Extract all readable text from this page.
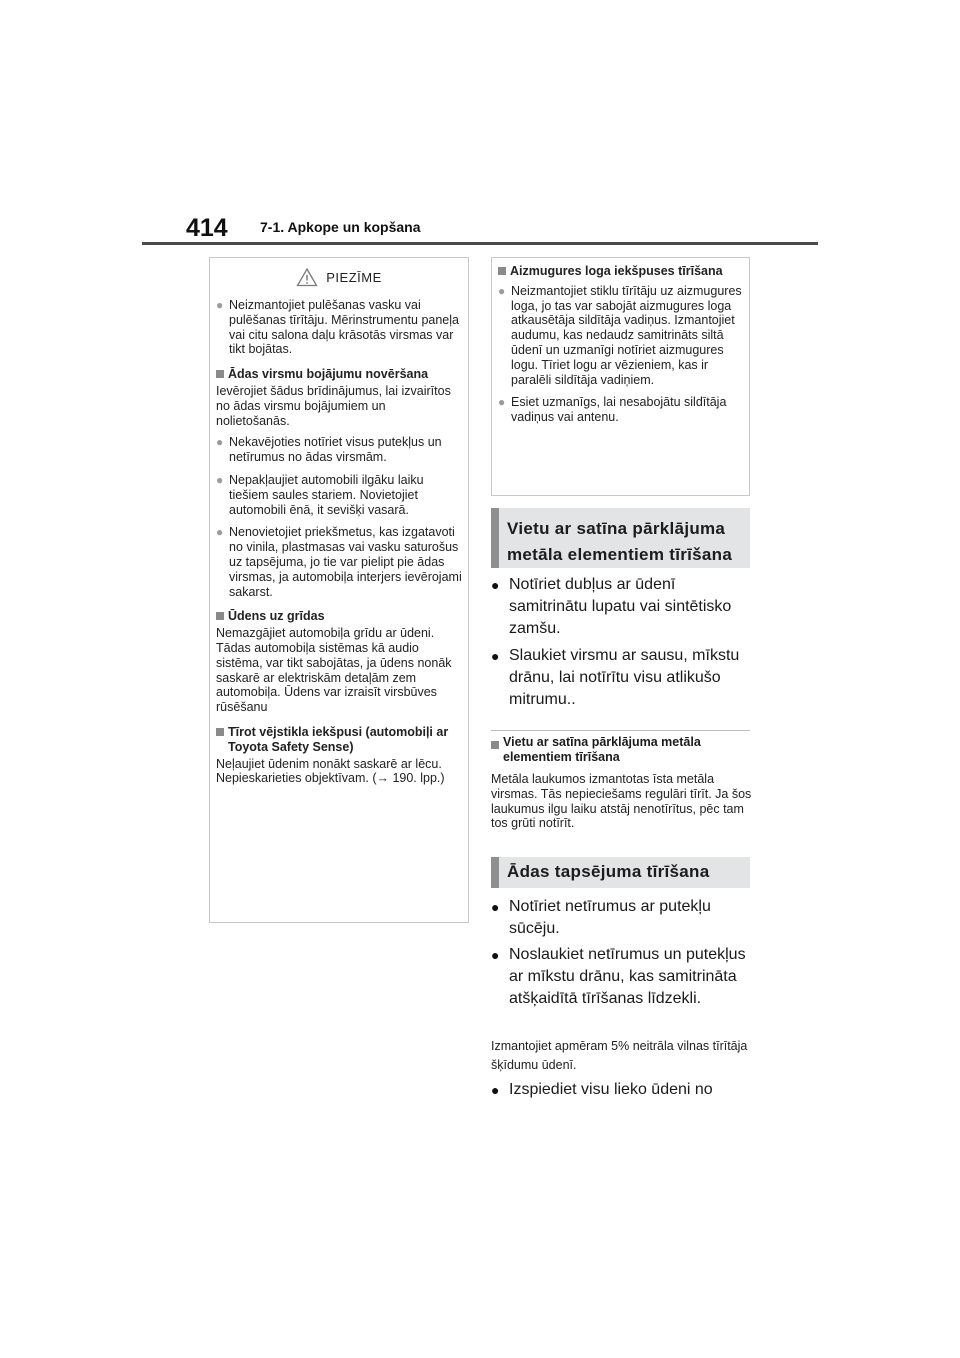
414 7-1. Apkope un kopšana
PIEZĪME
● Neizmantojiet pulēšanas vasku vai pulēšanas tīrītāju. Mērinstrumentu paneļa vai citu salona daļu krāsotās virsmas var tikt bojātas.
Ādas virsmu bojājumu novēršana
Ievērojiet šādus brīdinājumus, lai izvairītos no ādas virsmu bojājumiem un nolietošanās.
● Nekavējoties notīriet visus putekļus un netīrumus no ādas virsmām.
● Nepakļaujiet automobili ilgāku laiku tiešiem saules stariem. Novietojiet automobili ēnā, it sevišķi vasarā.
● Nenovietojiet priekšmetus, kas izgatavoti no vinila, plastmasas vai vasku saturošus uz tapsējuma, jo tie var pielipt pie ādas virsmas, ja automobiļa interjers ievērojami sakarst.
Ūdens uz grīdas
Nemazgājiet automobiļa grīdu ar ūdeni.
Tādas automobiļa sistēmas kā audio sistēma, var tikt sabojātas, ja ūdens nonāk saskarē ar elektriskām detaļām zem automobiļa. Ūdens var izraisīt virsbūves rūsēšanu
Tīrot vējstikla iekšpusi (automobiļi ar Toyota Safety Sense)
Neļaujiet ūdenim nonākt saskarē ar lēcu. Nepieskarieties objektīvam. (→ 190. lpp.)
Aizmugures loga iekšpuses tīrīšana
● Neizmantojiet stiklu tīrītāju uz aizmugures loga, jo tas var sabojāt aizmugures loga atkausētāja sildītāja vadiņus. Izmantojiet audumu, kas nedaudz samitrināts siltā ūdenī un uzmanīgi notīriet aizmugures logu. Tīriet logu ar vēzieniem, kas ir paralēli sildītāja vadiņiem.
● Esiet uzmanīgs, lai nesabojātu sildītāja vadiņus vai antenu.
Vietu ar satīna pārklājuma metāla elementiem tīrīšana
● Notīriet dubļus ar ūdenī samitrinātu lupatu vai sintētisko zamšu.
● Slaukiet virsmu ar sausu, mīkstu drānu, lai notīrītu visu atlikušo mitrumu..
Vietu ar satīna pārklājuma metāla elementiem tīrīšana
Metāla laukumos izmantotas īsta metāla virsmas. Tās nepieciešams regulāri tīrīt. Ja šos laukumus ilgu laiku atstāj nenotīrītus, pēc tam tos grūti notīrīt.
Ādas tapsējuma tīrīšana
● Notīriet netīrumus ar putekļu sūcēju.
● Noslaukiet netīrumus un putekļus ar mīkstu drānu, kas samitrināta atšķaidītā tīrīšanas līdzekli.
Izmantojiet apmēram 5% neitrāla vilnas tīrītāja šķīdumu ūdenī.
● Izspiediet visu lieko ūdeni no
